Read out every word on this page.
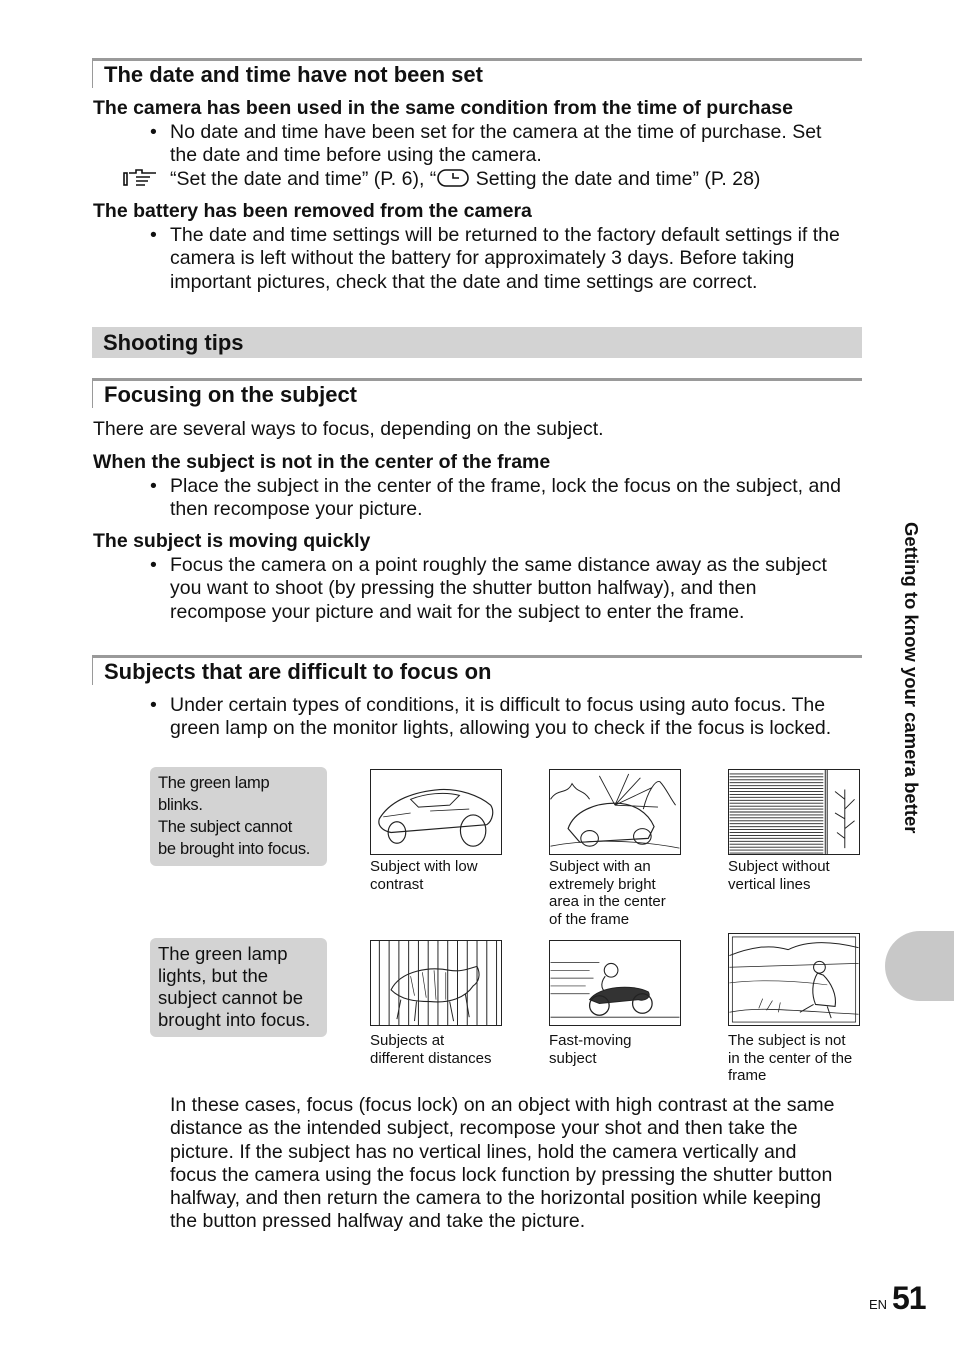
The date and time have not been set
The camera has been used in the same condition from the time of purchase
• No date and time have been set for the camera at the time of purchase. Set
the date and time before using the camera.
“Set the date and time” (P. 6), “ Setting the date and time” (P. 28)
The battery has been removed from the camera
• The date and time settings will be returned to the factory default settings if the
camera is left without the battery for approximately 3 days. Before taking
important pictures, check that the date and time settings are correct.
Shooting tips
Focusing on the subject
There are several ways to focus, depending on the subject.
When the subject is not in the center of the frame
• Place the subject in the center of the frame, lock the focus on the subject, and
then recompose your picture.
The subject is moving quickly
• Focus the camera on a point roughly the same distance away as the subject
you want to shoot (by pressing the shutter button halfway), and then
recompose your picture and wait for the subject to enter the frame.
Subjects that are difficult to focus on
• Under certain types of conditions, it is difficult to focus using auto focus. The
green lamp on the monitor lights, allowing you to check if the focus is locked.
The green lamp
blinks.
The subject cannot
be brought into focus.
The green lamp
lights, but the
subject cannot be
brought into focus.
Subject with low
contrast
Subject with an
extremely bright
area in the center
of the frame
Subject without
vertical lines
Subjects at
different distances
Fast-moving
subject
The subject is not
in the center of the
frame
In these cases, focus (focus lock) on an object with high contrast at the same
distance as the intended subject, recompose your shot and then take the
picture. If the subject has no vertical lines, hold the camera vertically and
focus the camera using the focus lock function by pressing the shutter button
halfway, and then return the camera to the horizontal position while keeping
the button pressed halfway and take the picture.
Getting to know your camera better
EN 51
